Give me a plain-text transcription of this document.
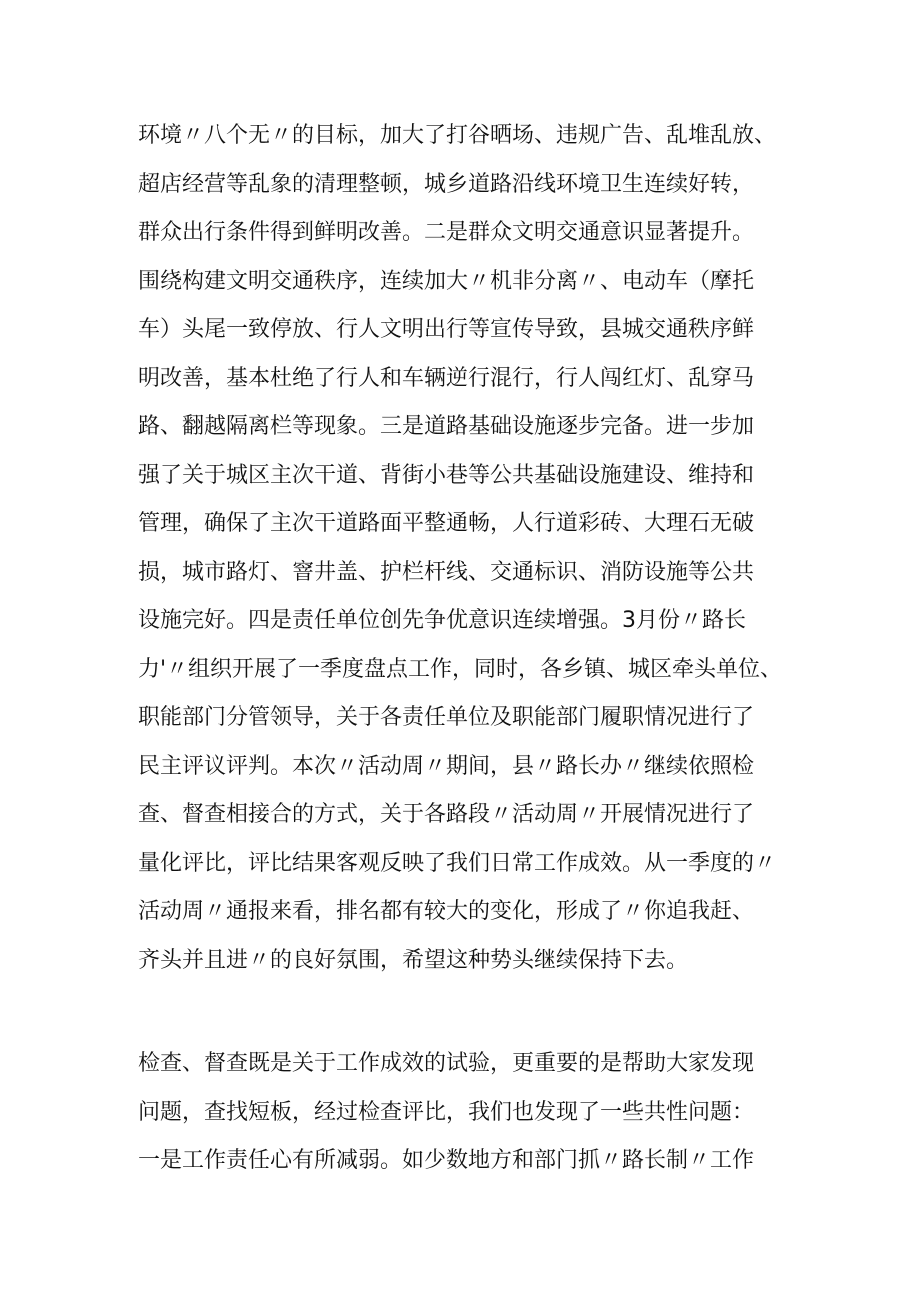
环境〃八个无〃的目标，加大了打谷晒场、违规广告、乱堆乱放、
超店经营等乱象的清理整顿，城乡道路沿线环境卫生连续好转，
群众出行条件得到鲜明改善。二是群众文明交通意识显著提升。
围绕构建文明交通秩序，连续加大〃机非分离〃、电动车（摩托
车）头尾一致停放、行人文明出行等宣传导致，县城交通秩序鲜
明改善，基本杜绝了行人和车辆逆行混行，行人闯红灯、乱穿马
路、翻越隔离栏等现象。三是道路基础设施逐步完备。进一步加
强了关于城区主次干道、背街小巷等公共基础设施建设、维持和
管理，确保了主次干道路面平整通畅，人行道彩砖、大理石无破
损，城市路灯、窨井盖、护栏杆线、交通标识、消防设施等公共
设施完好。四是责任单位创先争优意识连续增强。3月份〃路长
力'〃组织开展了一季度盘点工作，同时，各乡镇、城区牵头单位、
职能部门分管领导，关于各责任单位及职能部门履职情况进行了
民主评议评判。本次〃活动周〃期间，县〃路长办〃继续依照检
查、督查相接合的方式，关于各路段〃活动周〃开展情况进行了
量化评比，评比结果客观反映了我们日常工作成效。从一季度的〃
活动周〃通报来看，排名都有较大的变化，形成了〃你追我赶、
齐头并且进〃的良好氛围，希望这种势头继续保持下去。
检查、督查既是关于工作成效的试验，更重要的是帮助大家发现
问题，查找短板，经过检查评比，我们也发现了一些共性问题：
一是工作责任心有所减弱。如少数地方和部门抓〃路长制〃工作
